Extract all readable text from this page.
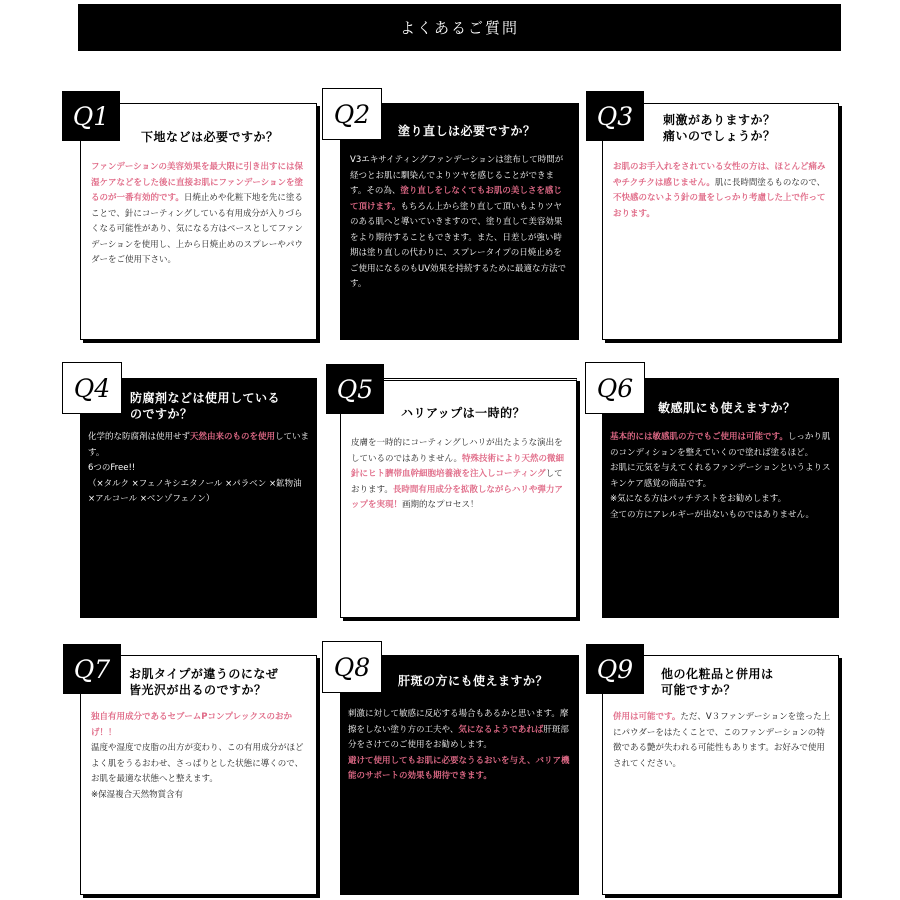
よくあるご質問
下地などは必要ですか？
ファンデーションの美容効果を最大限に引き出すには保湿ケアなどをした後に直接お肌にファンデーションを塗るのが一番有効的です。日焼止めや化粧下地を先に塗ることで、針にコーティングしている有用成分が入りづらくなる可能性があり、気になる方はベースとしてファンデーションを使用し、上から日焼止めのスプレーやパウダーをご使用下さい。
Q1
塗り直しは必要ですか？
V3エキサイティングファンデーションは塗布して時間が経つとお肌に馴染んでよりツヤを感じることができます。その為、塗り直しをしなくてもお肌の美しさを感じて頂けます。もちろん上から塗り直して頂いもよりツヤのある肌へと導いていきますので、塗り直して美容効果をより期待することもできます。また、日差しが強い時期は塗り直しの代わりに、スプレータイプの日焼止めをご使用になるのもUV効果を持続するために最適な方法です。
Q2	刺激がありますか？
痛いのでしょうか？
お肌のお手入れをされている女性の方は、ほとんど痛みやチクチクは感じません。肌に長時間塗るものなので、不快感のないよう針の量をしっかり考慮した上で作っております。
Q3
防腐剤などは使用している
のですか？
化学的な防腐剤は使用せず天然由来のものを使用しています。
6つのFree!!
（×タルク ×フェノキシエタノール ×パラベン ×鉱物油 ×アルコール ×ベンゾフェノン）
Q4
ハリアップは一時的？
皮膚を一時的にコーティングしハリが出たような演出をしているのではありません。特殊技術により天然の微細針にヒト臍帯血幹細胞培養液を注入しコーティングしております。長時間有用成分を拡散しながらハリや弾力アップを実現！画期的なプロセス！
Q5
敏感肌にも使えますか？
基本的には敏感肌の方でもご使用は可能です。しっかり肌のコンディションを整えていくので塗れば塗るほど。
お肌に元気を与えてくれるファンデーションというよりスキンケア感覚の商品です。
※気になる方はパッチテストをお勧めします。
全ての方にアレルギーが出ないものではありません。
Q6
お肌タイプが違うのになぜ
皆光沢が出るのですか？
独自有用成分であるセブームPコンプレックスのおかげ！！
温度や湿度で皮脂の出方が変わり、この有用成分がほどよく肌をうるおわせ、さっぱりとした状態に導くので、お肌を最適な状態へと整えます。
※保湿複合天然物質含有
Q7	肝斑の方にも使えますか？
刺激に対して敏感に反応する場合もあるかと思います。摩擦をしない塗り方の工夫や、気になるようであれば肝斑部分をさけてのご使用をお勧めします。
避けて使用してもお肌に必要なうるおいを与え、バリア機能のサポートの効果も期待できます。
Q8	他の化粧品と併用は
可能ですか？
併用は可能です。ただ、V３ファンデーションを塗った上にパウダーをはたくことで、このファンデーションの特徴である艶が失われる可能性もあります。お好みで使用されてください。
Q9
